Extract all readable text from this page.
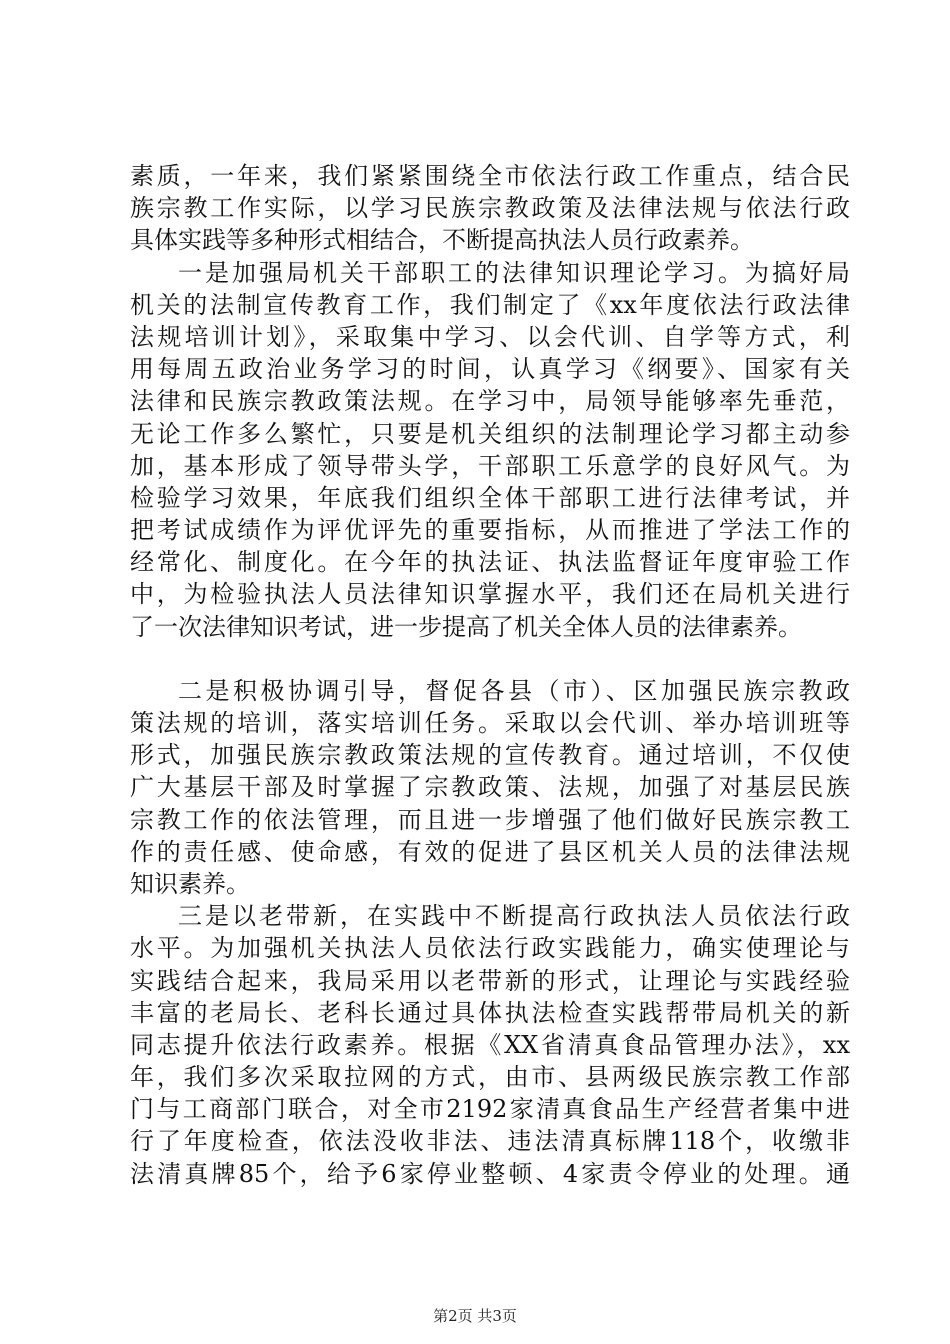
素质，一年来，我们紧紧围绕全市依法行政工作重点，结合民
族宗教工作实际，以学习民族宗教政策及法律法规与依法行政
具体实践等多种形式相结合，不断提高执法人员行政素养。
一是加强局机关干部职工的法律知识理论学习。为搞好局
机关的法制宣传教育工作，我们制定了《xx年度依法行政法律
法规培训计划》，采取集中学习、以会代训、自学等方式，利
用每周五政治业务学习的时间，认真学习《纲要》、国家有关
法律和民族宗教政策法规。在学习中，局领导能够率先垂范，
无论工作多么繁忙，只要是机关组织的法制理论学习都主动参
加，基本形成了领导带头学，干部职工乐意学的良好风气。为
检验学习效果，年底我们组织全体干部职工进行法律考试，并
把考试成绩作为评优评先的重要指标，从而推进了学法工作的
经常化、制度化。在今年的执法证、执法监督证年度审验工作
中，为检验执法人员法律知识掌握水平，我们还在局机关进行
了一次法律知识考试，进一步提高了机关全体人员的法律素养。
二是积极协调引导，督促各县（市）、区加强民族宗教政
策法规的培训，落实培训任务。采取以会代训、举办培训班等
形式，加强民族宗教政策法规的宣传教育。通过培训，不仅使
广大基层干部及时掌握了宗教政策、法规，加强了对基层民族
宗教工作的依法管理，而且进一步增强了他们做好民族宗教工
作的责任感、使命感，有效的促进了县区机关人员的法律法规
知识素养。
三是以老带新，在实践中不断提高行政执法人员依法行政
水平。为加强机关执法人员依法行政实践能力，确实使理论与
实践结合起来，我局采用以老带新的形式，让理论与实践经验
丰富的老局长、老科长通过具体执法检查实践帮带局机关的新
同志提升依法行政素养。根据《XX省清真食品管理办法》，xx
年，我们多次采取拉网的方式，由市、县两级民族宗教工作部
门与工商部门联合，对全市2192家清真食品生产经营者集中进
行了年度检查，依法没收非法、违法清真标牌118个，收缴非
法清真牌85个，给予6家停业整顿、4家责令停业的处理。通
第2页 共3页
